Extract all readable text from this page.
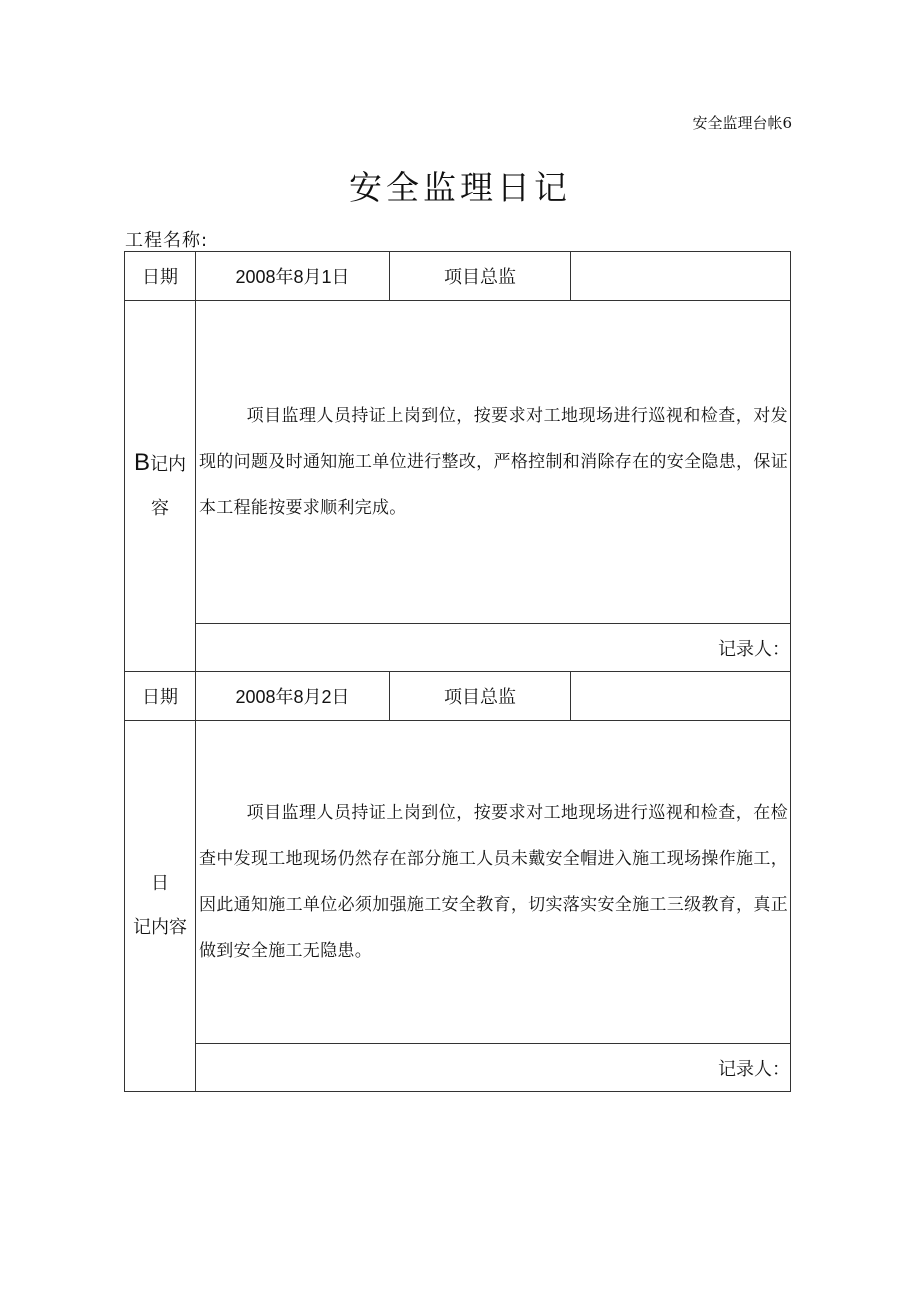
安全监理台帐6
安全监理日记
工程名称:
日期	2008年8月1日	项目总监	

B记内
容	项目监理人员持证上岗到位，按要求对工地现场进行巡视和检查，对发现的问题及时通知施工单位进行整改，严格控制和消除存在的安全隐患，保证本工程能按要求顺利完成。		

	记录人：		
日期	2008年8月2日	项目总监	

日
记内容	项目监理人员持证上岗到位，按要求对工地现场进行巡视和检查，在检查中发现工地现场仍然存在部分施工人员未戴安全帽进入施工现场操作施工，因此通知施工单位必须加强施工安全教育，切实落实安全施工三级教育，真正做到安全施工无隐患。		

	记录人：		
